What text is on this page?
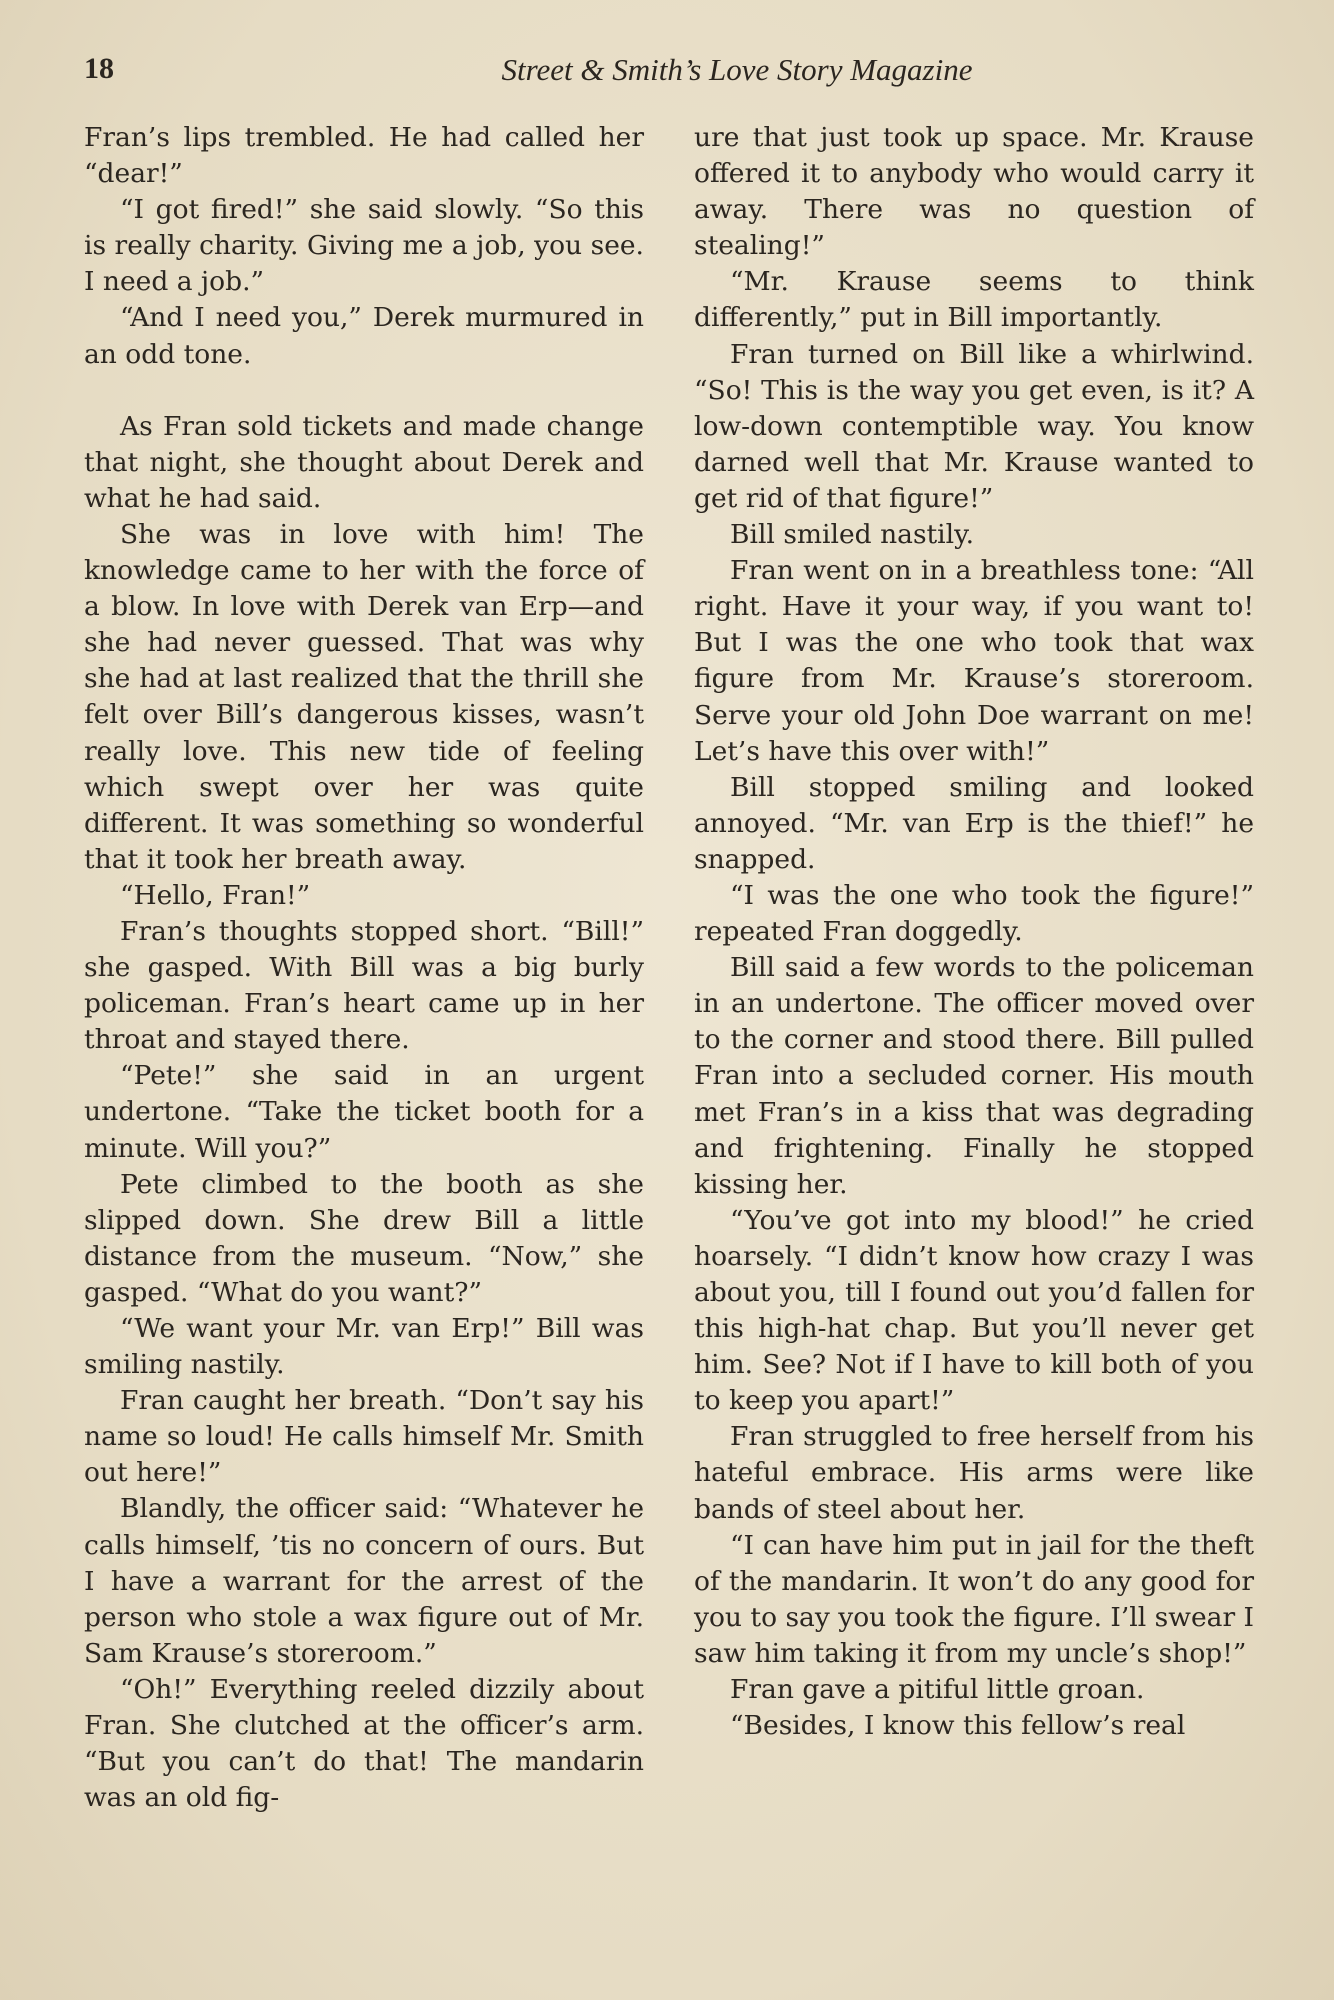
18	Street & Smith’s Love Story Magazine

Fran’s lips trembled. He had called her “dear!”

“I got fired!” she said slowly. “So this is really charity. Giving me a job, you see. I need a job.”

“And I need you,” Derek murmured in an odd tone.

As Fran sold tickets and made change that night, she thought about Derek and what he had said.

She was in love with him! The knowledge came to her with the force of a blow. In love with Derek van Erp—and she had never guessed. That was why she had at last realized that the thrill she felt over Bill’s dangerous kisses, wasn’t really love. This new tide of feeling which swept over her was quite different. It was something so wonderful that it took her breath away.

“Hello, Fran!”

Fran’s thoughts stopped short. “Bill!” she gasped. With Bill was a big burly policeman. Fran’s heart came up in her throat and stayed there.

“Pete!” she said in an urgent undertone. “Take the ticket booth for a minute. Will you?”

Pete climbed to the booth as she slipped down. She drew Bill a little distance from the museum. “Now,” she gasped. “What do you want?”

“We want your Mr. van Erp!” Bill was smiling nastily.

Fran caught her breath. “Don’t say his name so loud! He calls himself Mr. Smith out here!”

Blandly, the officer said: “Whatever he calls himself, ’tis no concern of ours. But I have a warrant for the arrest of the person who stole a wax figure out of Mr. Sam Krause’s storeroom.”

“Oh!” Everything reeled dizzily about Fran. She clutched at the officer’s arm. “But you can’t do that! The mandarin was an old fig-

ure that just took up space. Mr. Krause offered it to anybody who would carry it away. There was no question of stealing!”

“Mr. Krause seems to think differently,” put in Bill importantly.

Fran turned on Bill like a whirlwind. “So! This is the way you get even, is it? A low-down contemptible way. You know darned well that Mr. Krause wanted to get rid of that figure!”

Bill smiled nastily.

Fran went on in a breathless tone: “All right. Have it your way, if you want to! But I was the one who took that wax figure from Mr. Krause’s storeroom. Serve your old John Doe warrant on me! Let’s have this over with!”

Bill stopped smiling and looked annoyed. “Mr. van Erp is the thief!” he snapped.

“I was the one who took the figure!” repeated Fran doggedly.

Bill said a few words to the policeman in an undertone. The officer moved over to the corner and stood there. Bill pulled Fran into a secluded corner. His mouth met Fran’s in a kiss that was degrading and frightening. Finally he stopped kissing her.

“You’ve got into my blood!” he cried hoarsely. “I didn’t know how crazy I was about you, till I found out you’d fallen for this high-hat chap. But you’ll never get him. See? Not if I have to kill both of you to keep you apart!”

Fran struggled to free herself from his hateful embrace. His arms were like bands of steel about her.

“I can have him put in jail for the theft of the mandarin. It won’t do any good for you to say you took the figure. I’ll swear I saw him taking it from my uncle’s shop!”

Fran gave a pitiful little groan.

“Besides, I know this fellow’s real
